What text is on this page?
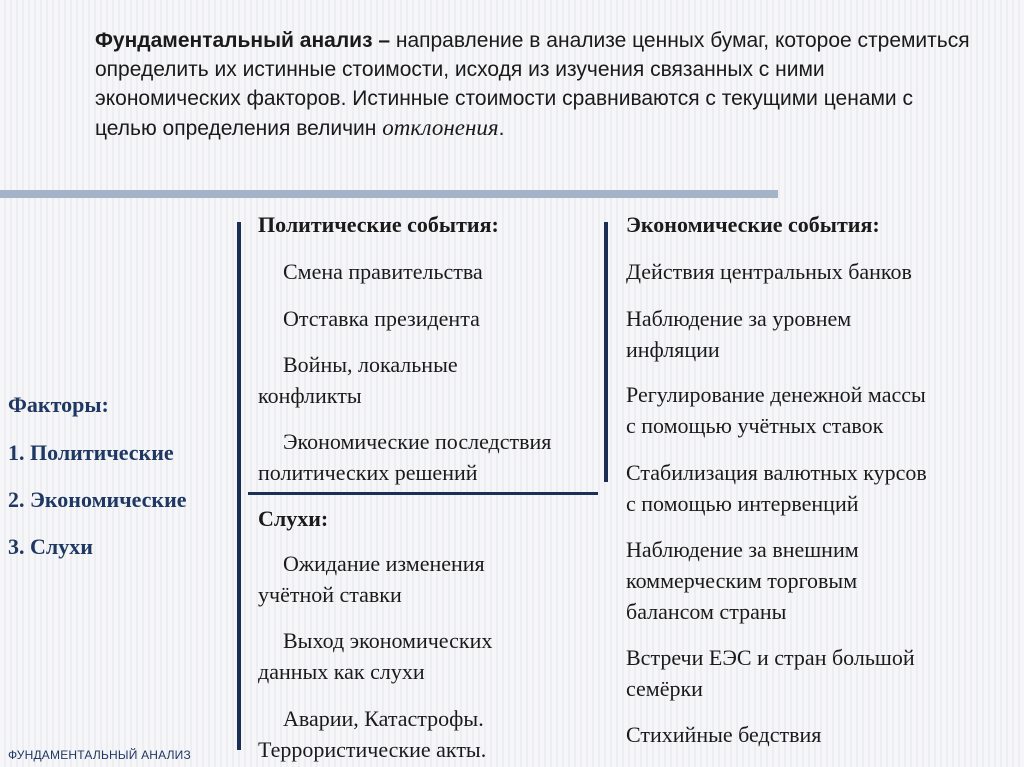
Фундаментальный анализ – направление в анализе ценных бумаг, которое стремиться определить их истинные стоимости, исходя из изучения связанных с ними экономических факторов. Истинные стоимости сравниваются с текущими ценами с целью определения величин отклонения.
Факторы:
1. Политические
2. Экономические
3. Слухи
Политические события:
Смена правительства
Отставка президента
Войны, локальные
конфликты
Экономические последствия
политических решений
Слухи:
Ожидание изменения
учётной ставки
Выход экономических
данных как слухи
Аварии, Катастрофы.
Террористические акты.
Экономические события:
Действия центральных банков
Наблюдение за уровнем
инфляции
Регулирование денежной массы
с помощью учётных ставок
Стабилизация валютных курсов
с помощью интервенций
Наблюдение за внешним
коммерческим торговым
балансом страны
Встречи ЕЭС и стран большой
семёрки
Стихийные бедствия
ФУНДАМЕНТАЛЬНЫЙ АНАЛИЗ
